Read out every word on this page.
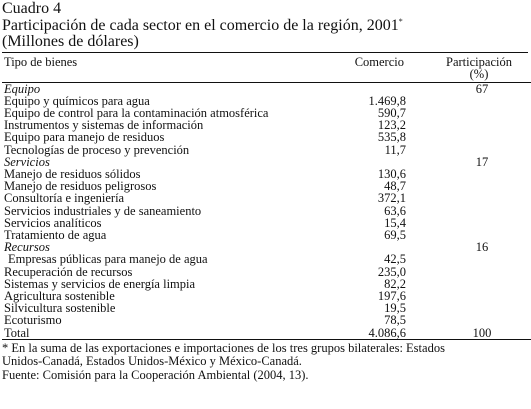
Cuadro 4

Participación de cada sector en el comercio de la región, 2001*

(Millones de dólares)

Tipo de bienes	Comercio	Participación
(%)
Equipo		67
Equipo y químicos para agua	1.469,8	
Equipo de control para la contaminación atmosférica	590,7	
Instrumentos y sistemas de información	123,2	
Equipo para manejo de residuos	535,8	
Tecnologías de proceso y prevención	11,7	
Servicios		17
Manejo de residuos sólidos	130,6	
Manejo de residuos peligrosos	48,7	
Consultoría e ingeniería	372,1	
Servicios industriales y de saneamiento	63,6	
Servicios analíticos	15,4	
Tratamiento de agua	69,5	
Recursos		16
Empresas públicas para manejo de agua	42,5	
Recuperación de recursos	235,0	
Sistemas y servicios de energía limpia	82,2	
Agricultura sostenible	197,6	
Silvicultura sostenible	19,5	
Ecoturismo	78,5	
Total	4.086,6	100

* En la suma de las exportaciones e importaciones de los tres grupos bilaterales: Estados

Unidos-Canadá, Estados Unidos-México y México-Canadá.

Fuente: Comisión para la Cooperación Ambiental (2004, 13).
